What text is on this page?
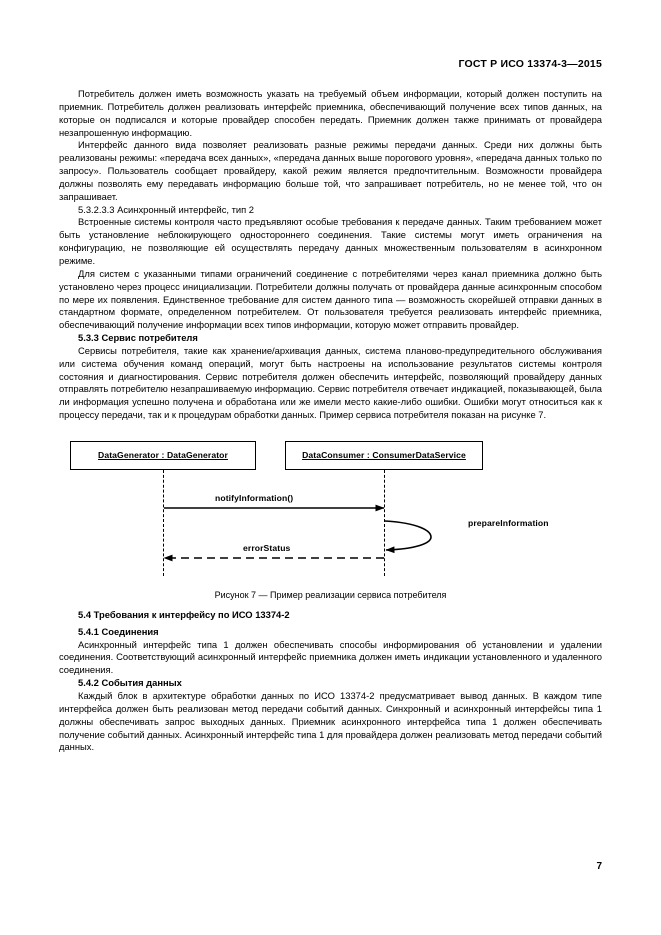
ГОСТ Р ИСО 13374-3—2015

Потребитель должен иметь возможность указать на требуемый объем информации, который должен поступить на приемник. Потребитель должен реализовать интерфейс приемника, обеспечивающий получение всех типов данных, на которые он подписался и которые провайдер способен передать. Приемник должен также принимать от провайдера незапрошенную информацию.

Интерфейс данного вида позволяет реализовать разные режимы передачи данных. Среди них должны быть реализованы режимы: «передача всех данных», «передача данных выше порогового уровня», «передача данных только по запросу». Пользователь сообщает провайдеру, какой режим является предпочтительным. Возможности провайдера должны позволять ему передавать информацию больше той, что запрашивает потребитель, но не менее той, что он запрашивает.

5.3.2.3.3 Асинхронный интерфейс, тип 2

Встроенные системы контроля часто предъявляют особые требования к передаче данных. Таким требованием может быть установление неблокирующего одностороннего соединения. Такие системы могут иметь ограничения на конфигурацию, не позволяющие ей осуществлять передачу данных множественным пользователям в асинхронном режиме.

Для систем с указанными типами ограничений соединение с потребителями через канал приемника должно быть установлено через процесс инициализации. Потребители должны получать от провайдера данные асинхронным способом по мере их появления. Единственное требование для систем данного типа — возможность скорейшей отправки данных в стандартном формате, определенном потребителем. От пользователя требуется реализовать интерфейс приемника, обеспечивающий получение информации всех типов информации, которую может отправить провайдер.

5.3.3 Сервис потребителя

Сервисы потребителя, такие как хранение/архивация данных, система планово-предупредительного обслуживания или система обучения команд операций, могут быть настроены на использование результатов системы контроля состояния и диагностирования. Сервис потребителя должен обеспечить интерфейс, позволяющий провайдеру данных отправлять потребителю незапрашиваемую информацию. Сервис потребителя отвечает индикацией, показывающей, была ли информация успешно получена и обработана или же имели место какие-либо ошибки. Ошибки могут относиться как к процессу передачи, так и к процедурам обработки данных. Пример сервиса потребителя показан на рисунке 7.

DataGenerator : DataGenerator	DataConsumer : ConsumerDataService
notifyInformation()
errorStatus
prepareInformation

Рисунок 7 — Пример реализации сервиса потребителя

5.4 Требования к интерфейсу по ИСО 13374-2
5.4.1 Соединения

Асинхронный интерфейс типа 1 должен обеспечивать способы информирования об установлении и удалении соединения. Соответствующий асинхронный интерфейс приемника должен иметь индикации установленного и удаленного соединения.

5.4.2 События данных

Каждый блок в архитектуре обработки данных по ИСО 13374-2 предусматривает вывод данных. В каждом типе интерфейса должен быть реализован метод передачи событий данных. Синхронный и асинхронный интерфейсы типа 1 должны обеспечивать запрос выходных данных. Приемник асинхронного интерфейса типа 1 должен обеспечивать получение событий данных. Асинхронный интерфейс типа 1 для провайдера должен реализовать метод передачи событий данных.

7
